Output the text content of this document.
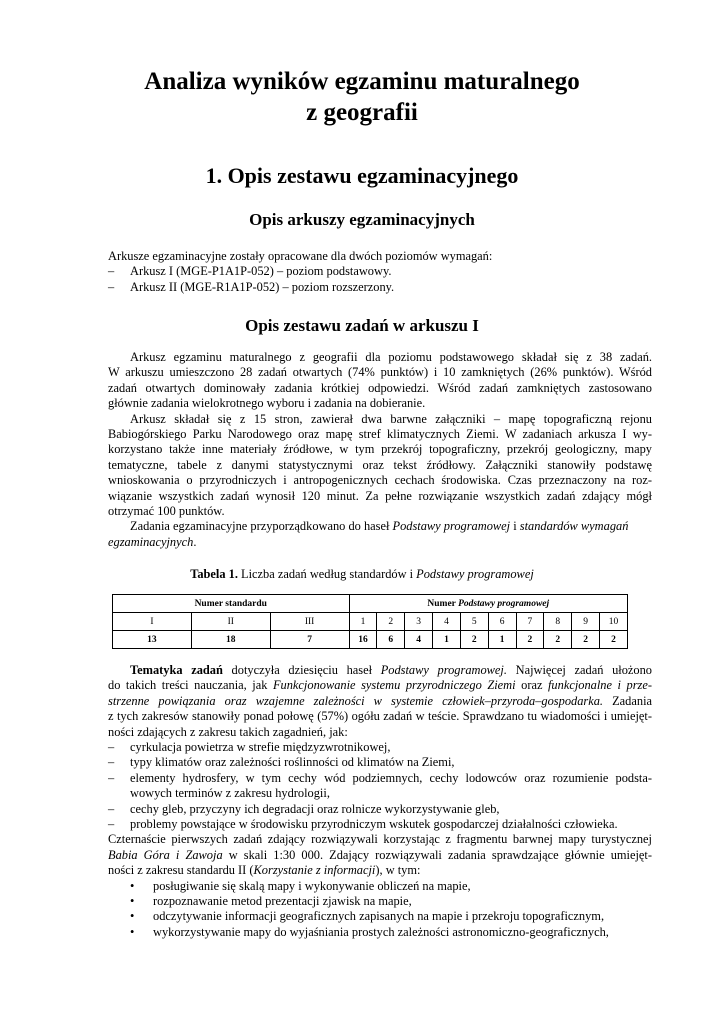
Analiza wyników egzaminu maturalnego
z geografii
1. Opis zestawu egzaminacyjnego
Opis arkuszy egzaminacyjnych
Arkusze egzaminacyjne zostały opracowane dla dwóch poziomów wymagań:
– Arkusz I (MGE-P1A1P-052) – poziom podstawowy.
– Arkusz II (MGE-R1A1P-052) – poziom rozszerzony.
Opis zestawu zadań w arkuszu I
Arkusz egzaminu maturalnego z geografii dla poziomu podstawowego składał się z 38 zadań.
W arkuszu umieszczono 28 zadań otwartych (74% punktów) i 10 zamkniętych (26% punktów). Wśród
zadań otwartych dominowały zadania krótkiej odpowiedzi. Wśród zadań zamkniętych zastosowano
głównie zadania wielokrotnego wyboru i zadania na dobieranie.
Arkusz składał się z 15 stron, zawierał dwa barwne załączniki – mapę topograficzną rejonu
Babiogórskiego Parku Narodowego oraz mapę stref klimatycznych Ziemi. W zadaniach arkusza I wy-
korzystano także inne materiały źródłowe, w tym przekrój topograficzny, przekrój geologiczny, mapy
tematyczne, tabele z danymi statystycznymi oraz tekst źródłowy. Załączniki stanowiły podstawę
wnioskowania o przyrodniczych i antropogenicznych cechach środowiska. Czas przeznaczony na roz-
wiązanie wszystkich zadań wynosił 120 minut. Za pełne rozwiązanie wszystkich zadań zdający mógł
otrzymać 100 punktów.
Zadania egzaminacyjne przyporządkowano do haseł Podstawy programowej i standardów wymagań
egzaminacyjnych.
Tabela 1. Liczba zadań według standardów i Podstawy programowej
Numer standardu			Numer Podstawy programowej									
I	II	III	1	2	3	4	5	6	7	8	9	10
13	18	7	16	6	4	1	2	1	2	2	2	2
Tematyka zadań dotyczyła dziesięciu haseł Podstawy programowej. Najwięcej zadań ułożono
do takich treści nauczania, jak Funkcjonowanie systemu przyrodniczego Ziemi oraz funkcjonalne i prze-
strzenne powiązania oraz wzajemne zależności w systemie człowiek–przyroda–gospodarka. Zadania
z tych zakresów stanowiły ponad połowę (57%) ogółu zadań w teście. Sprawdzano tu wiadomości i umiejęt-
ności zdających z zakresu takich zagadnień, jak:
– cyrkulacja powietrza w strefie międzyzwrotnikowej,
– typy klimatów oraz zależności roślinności od klimatów na Ziemi,
– elementy hydrosfery, w tym cechy wód podziemnych, cechy lodowców oraz rozumienie podsta-
wowych terminów z zakresu hydrologii,
– cechy gleb, przyczyny ich degradacji oraz rolnicze wykorzystywanie gleb,
– problemy powstające w środowisku przyrodniczym wskutek gospodarczej działalności człowieka.
Czternaście pierwszych zadań zdający rozwiązywali korzystając z fragmentu barwnej mapy turystycznej
Babia Góra i Zawoja w skali 1:30 000. Zdający rozwiązywali zadania sprawdzające głównie umiejęt-
ności z zakresu standardu II (Korzystanie z informacji), w tym:
• posługiwanie się skalą mapy i wykonywanie obliczeń na mapie,
• rozpoznawanie metod prezentacji zjawisk na mapie,
• odczytywanie informacji geograficznych zapisanych na mapie i przekroju topograficznym,
• wykorzystywanie mapy do wyjaśniania prostych zależności astronomiczno-geograficznych,
